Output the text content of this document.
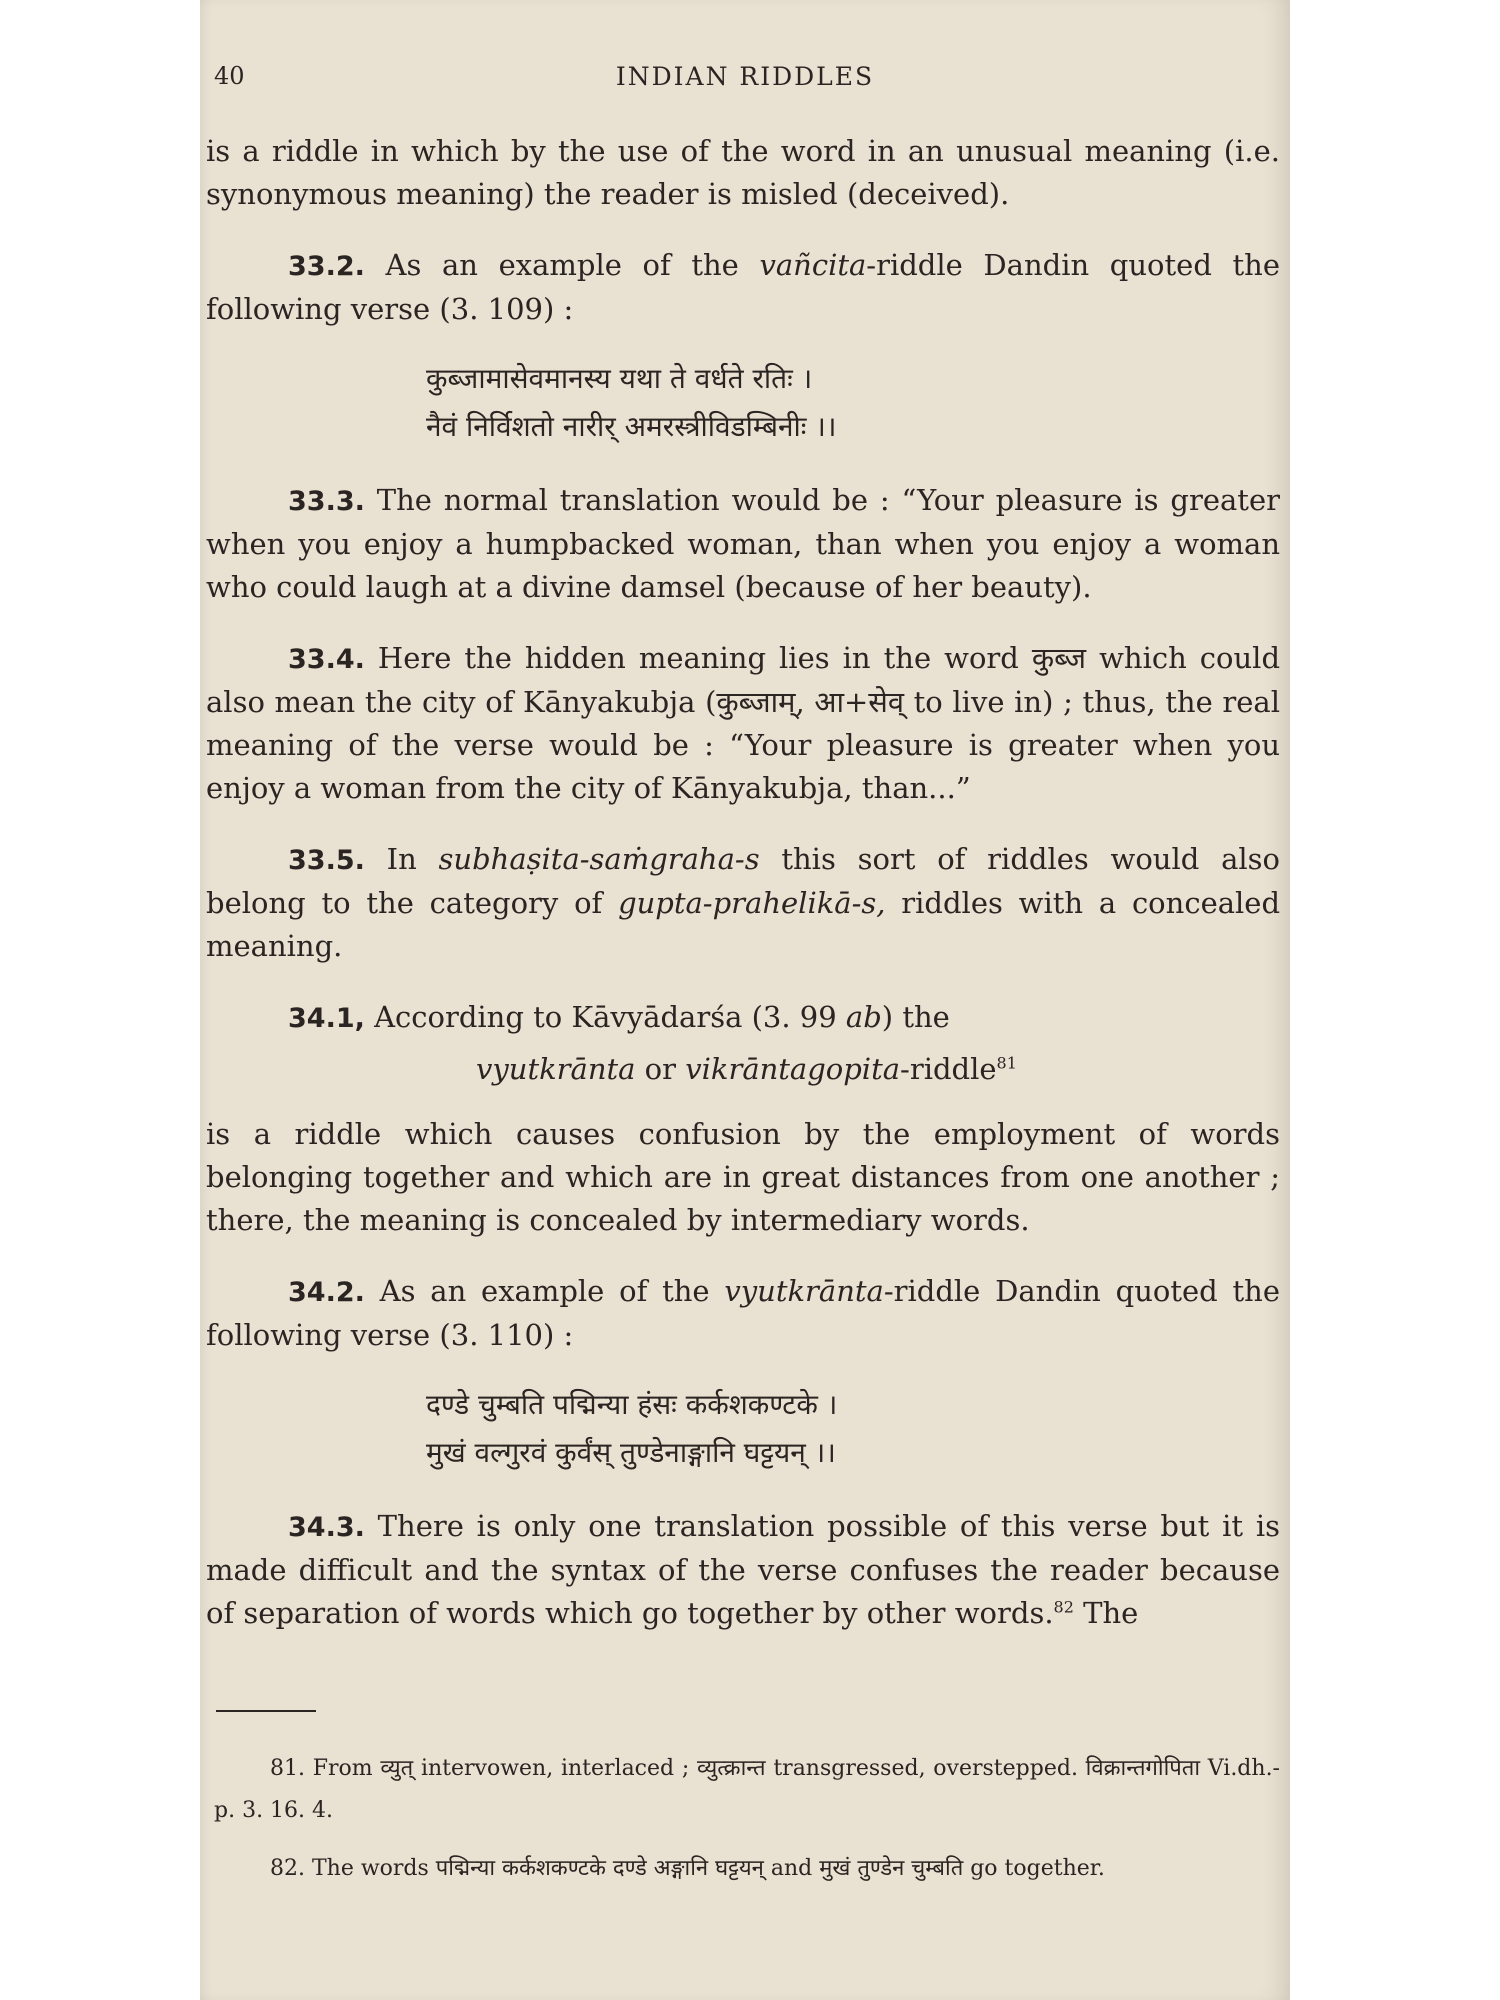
40	INDIAN RIDDLES

is a riddle in which by the use of the word in an unusual meaning (i.e. synonymous meaning) the reader is misled (deceived).

33.2. As an example of the vañcita-riddle Dandin quoted the following verse (3. 109) :

कुब्जामासेवमानस्य यथा ते वर्धते रतिः ।
नैवं निर्विशतो नारीर् अमरस्त्रीविडम्बिनीः ।।

33.3. The normal translation would be : “Your pleasure is greater when you enjoy a humpbacked woman, than when you enjoy a woman who could laugh at a divine damsel (because of her beauty).

33.4. Here the hidden meaning lies in the word कुब्ज which could also mean the city of Kānyakubja (कुब्जाम्, आ+सेव् to live in) ; thus, the real meaning of the verse would be : “Your pleasure is greater when you enjoy a woman from the city of Kānyakubja, than...”

33.5. In subhaṣita-saṁgraha-s this sort of riddles would also belong to the category of gupta-prahelikā-s, riddles with a concealed meaning.

34.1, According to Kāvyādarśa (3. 99 ab) the

vyutkrānta or vikrāntagopita-riddle$^{81}$

is a riddle which causes confusion by the employment of words belonging together and which are in great distances from one another ; there, the meaning is concealed by intermediary words.

34.2. As an example of the vyutkrānta-riddle Dandin quoted the following verse (3. 110) :

दण्डे चुम्बति पद्मिन्या हंसः कर्कशकण्टके ।
मुखं वल्गुरवं कुर्वंस् तुण्डेनाङ्गानि घट्टयन् ।।

34.3. There is only one translation possible of this verse but it is made difficult and the syntax of the verse confuses the reader because of separation of words which go together by other words.$^{82}$ The

81. From व्युत् intervowen, interlaced ; व्युत्क्रान्त transgressed, overstepped. विक्रान्तगोपिता Vi.dh.-p. 3. 16. 4.

82. The words पद्मिन्या कर्कशकण्टके दण्डे अङ्गानि घट्टयन् and मुखं तुण्डेन चुम्बति go together.
